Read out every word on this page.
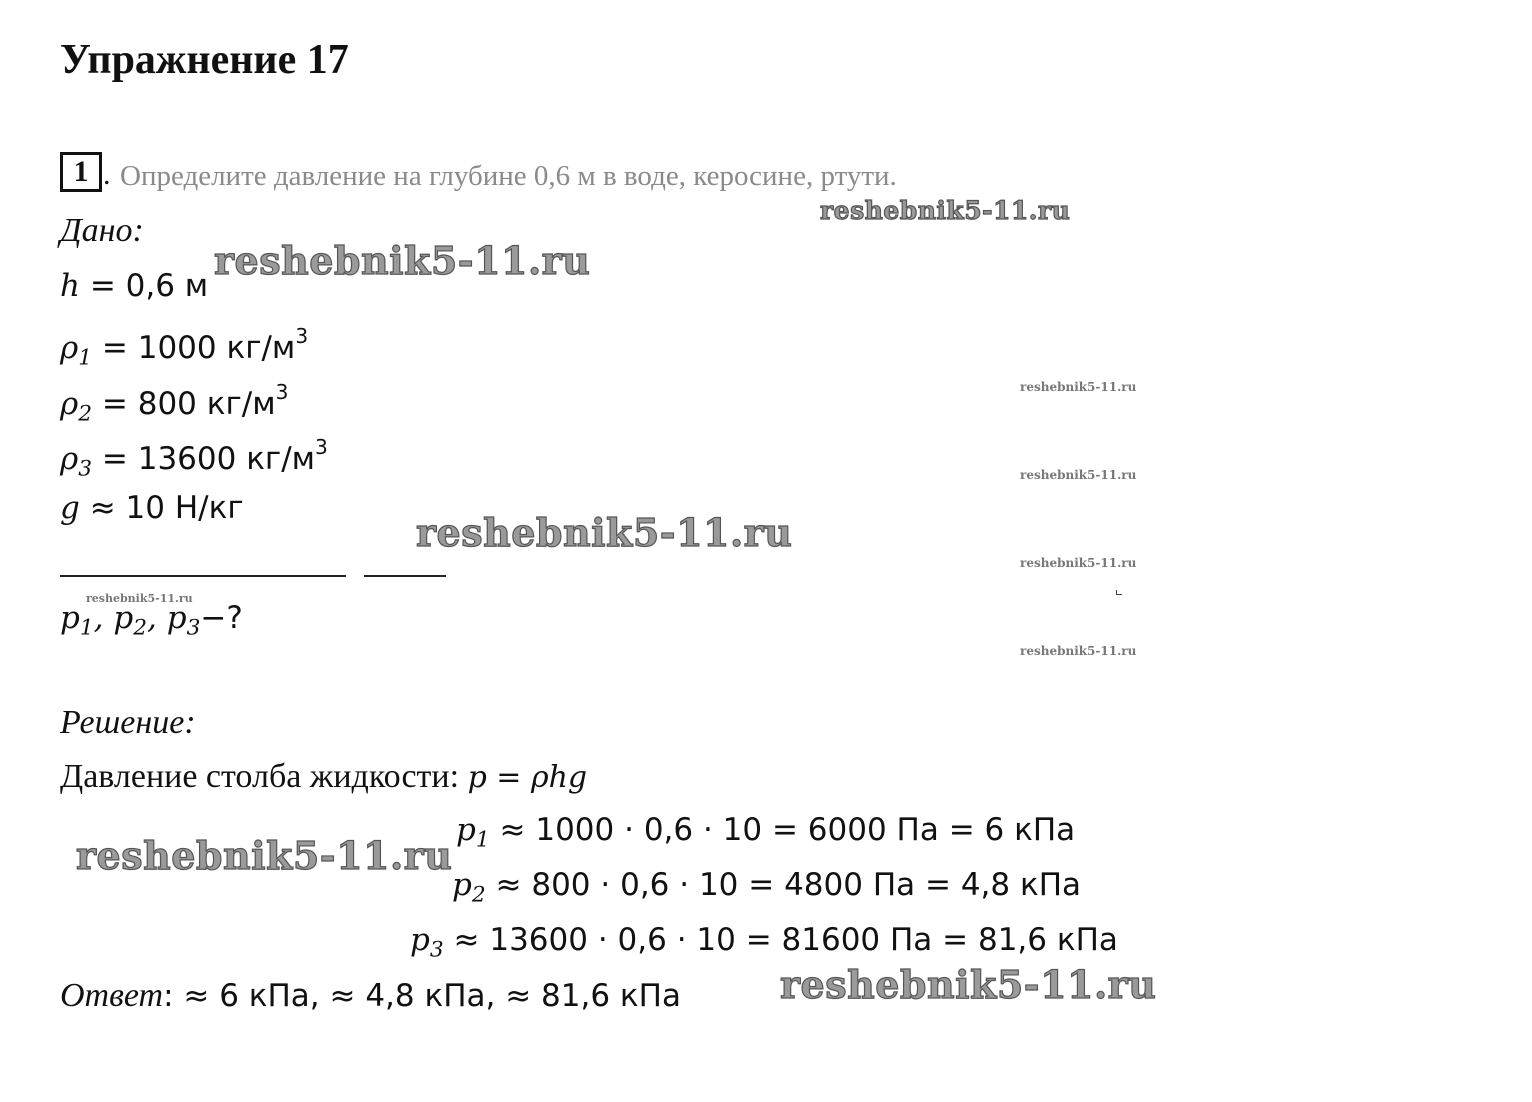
Упражнение 17
1 . Определите давление на глубине 0,6 м в воде, керосине, ртути.
Дано:
h = 0,6 м
$\rho_1 = 1000$ $кг/м^3$
$\rho_2 = 800$ $кг/м^3$
$\rho_3 = 13600$ $кг/м^3$
g ≈ 10 Н/кг
$p_1$, $p_2$, $p_3-$?
Решение:
Давление столба жидкости: p = ρhg
$p_1 \approx 1000 \cdot 0,6 \cdot 10 = 6000$ Па = 6 кПа
$p_2 \approx 800 \cdot 0,6 \cdot 10 = 4800$ Па = 4,8 кПа
$p_3 \approx 13600 \cdot 0,6 \cdot 10 = 81600$ Па = 81,6 кПа
Ответ: ≈ 6 кПа, ≈ 4,8 кПа, ≈ 81,6 кПа
reshebnik5-11.ru
reshebnik5-11.ru
reshebnik5-11.ru
reshebnik5-11.ru
reshebnik5-11.ru
reshebnik5-11.ru
reshebnik5-11.ru
reshebnik5-11.ru
reshebnik5-11.ru
reshebnik5-11.ru
